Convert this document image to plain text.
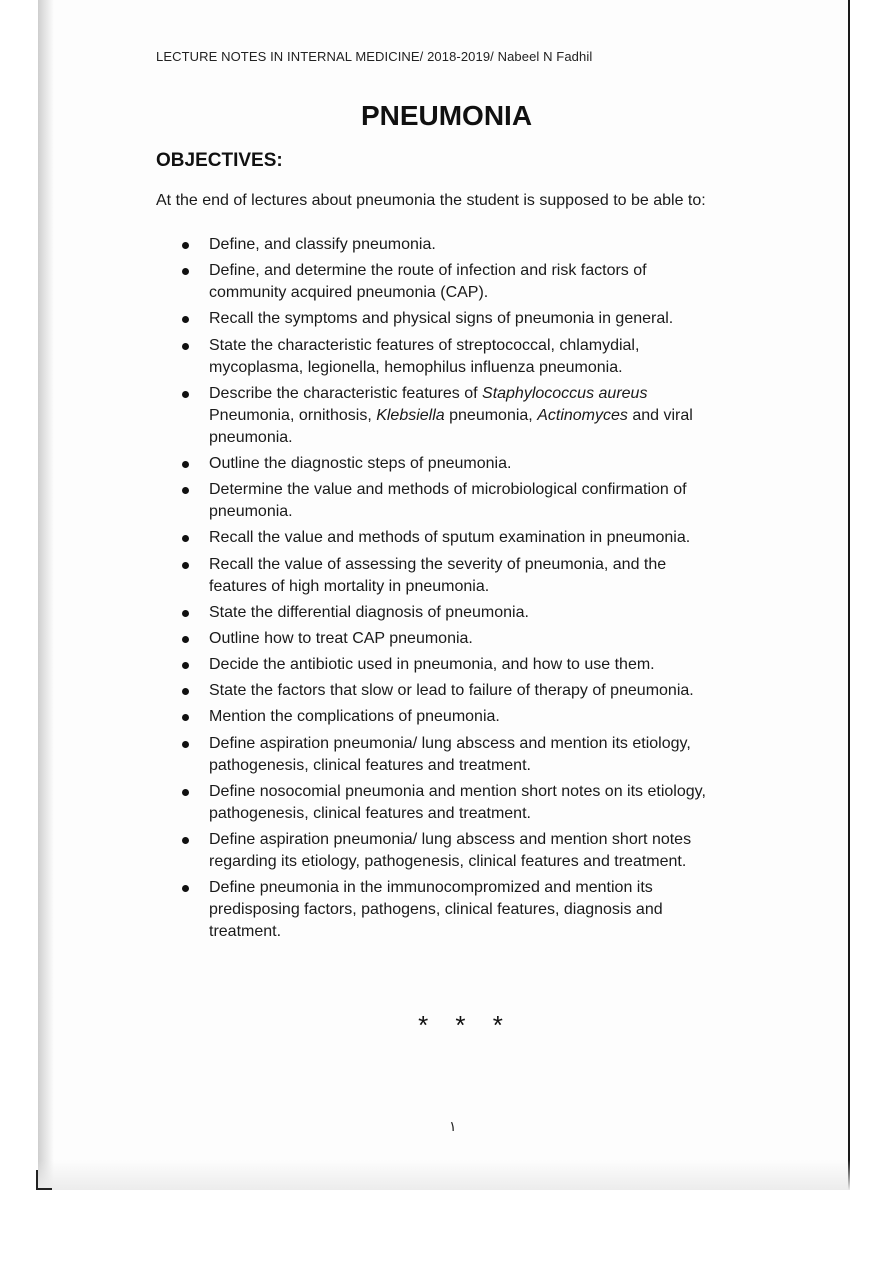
LECTURE NOTES IN INTERNAL MEDICINE/ 2018-2019/ Nabeel N Fadhil
PNEUMONIA
OBJECTIVES:
At the end of lectures about pneumonia the student is supposed to be able to:
Define, and classify pneumonia.
Define, and determine the route of infection and risk factors of
community acquired pneumonia (CAP).
Recall the symptoms and physical signs of pneumonia in general.
State the characteristic features of streptococcal, chlamydial,
mycoplasma, legionella, hemophilus influenza pneumonia.
Describe the characteristic features of Staphylococcus aureus
Pneumonia, ornithosis, Klebsiella pneumonia, Actinomyces and viral
pneumonia.
Outline the diagnostic steps of pneumonia.
Determine the value and methods of microbiological confirmation of
pneumonia.
Recall the value and methods of sputum examination in pneumonia.
Recall the value of assessing the severity of pneumonia, and the
features of high mortality in pneumonia.
State the differential diagnosis of pneumonia.
Outline how to treat CAP pneumonia.
Decide the antibiotic used in pneumonia, and how to use them.
State the factors that slow or lead to failure of therapy of pneumonia.
Mention the complications of pneumonia.
Define aspiration pneumonia/ lung abscess and mention its etiology,
pathogenesis, clinical features and treatment.
Define nosocomial pneumonia and mention short notes on its etiology,
pathogenesis, clinical features and treatment.
Define aspiration pneumonia/ lung abscess and mention short notes
regarding its etiology, pathogenesis, clinical features and treatment.
Define pneumonia in the immunocompromized and mention its
predisposing factors, pathogens, clinical features, diagnosis and
treatment.
* * *
١
